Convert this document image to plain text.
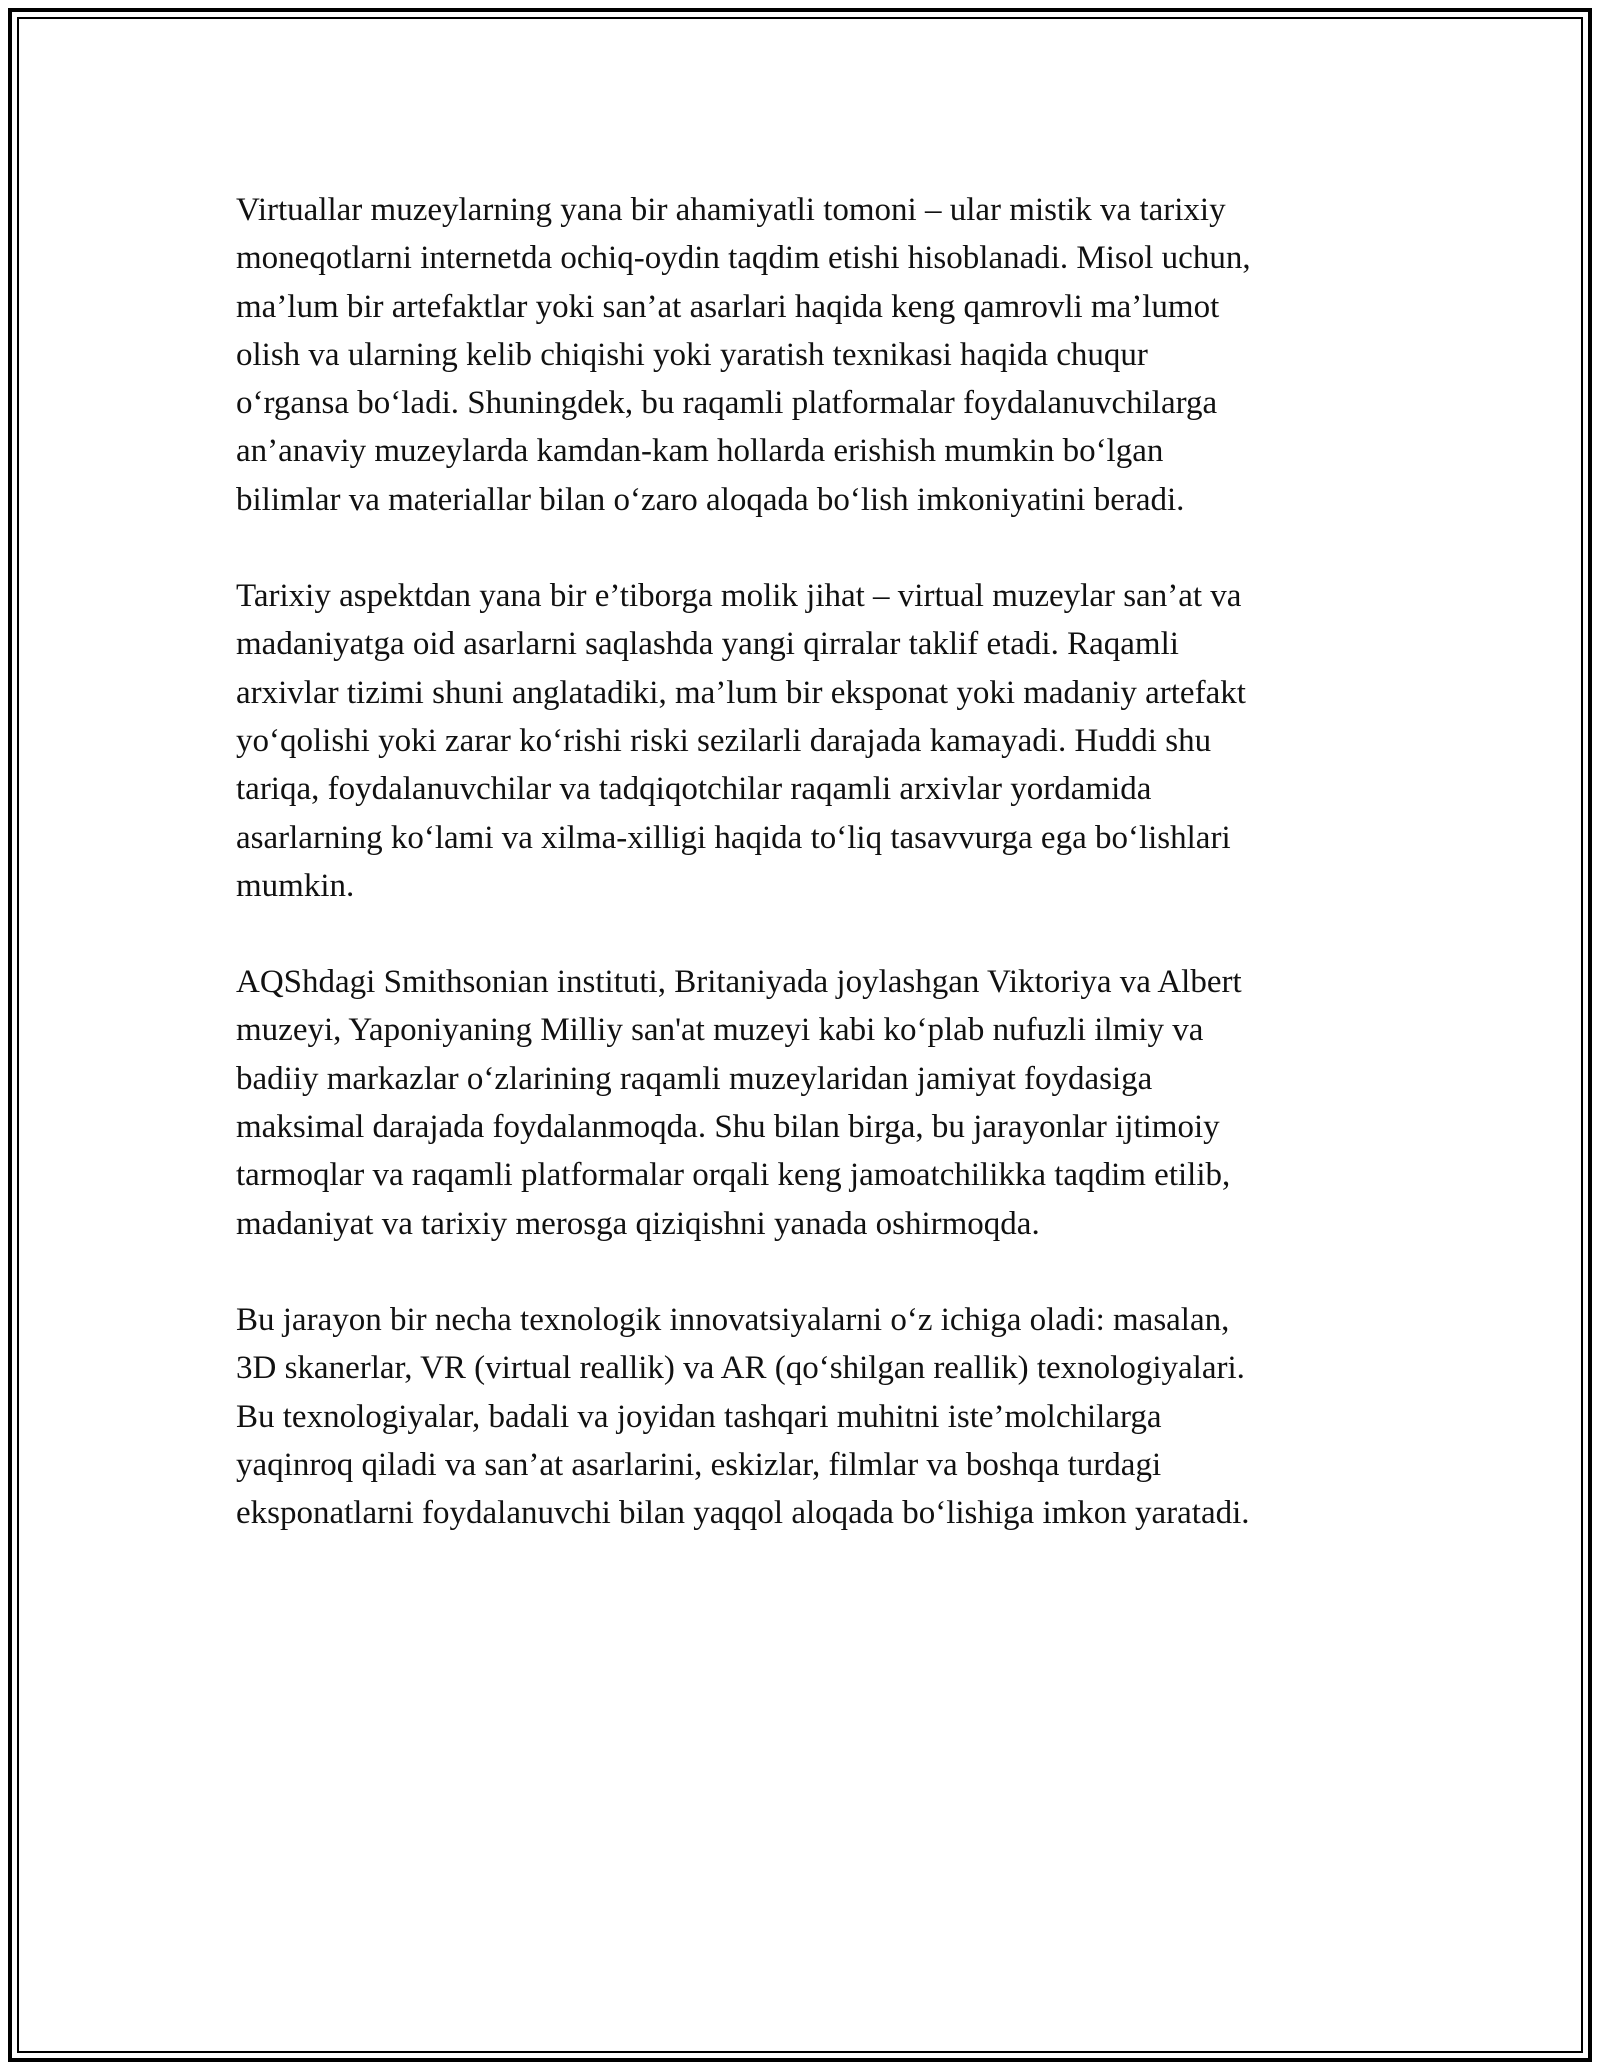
Virtuallar muzeylarning yana bir ahamiyatli tomoni – ular mistik va tarixiy
moneqotlarni internetda ochiq-oydin taqdim etishi hisoblanadi. Misol uchun,
ma’lum bir artefaktlar yoki san’at asarlari haqida keng qamrovli ma’lumot
olish va ularning kelib chiqishi yoki yaratish texnikasi haqida chuqur
o‘rgansa bo‘ladi. Shuningdek, bu raqamli platformalar foydalanuvchilarga
an’anaviy muzeylarda kamdan-kam hollarda erishish mumkin bo‘lgan
bilimlar va materiallar bilan o‘zaro aloqada bo‘lish imkoniyatini beradi.

Tarixiy aspektdan yana bir e’tiborga molik jihat – virtual muzeylar san’at va
madaniyatga oid asarlarni saqlashda yangi qirralar taklif etadi. Raqamli
arxivlar tizimi shuni anglatadiki, ma’lum bir eksponat yoki madaniy artefakt
yo‘qolishi yoki zarar ko‘rishi riski sezilarli darajada kamayadi. Huddi shu
tariqa, foydalanuvchilar va tadqiqotchilar raqamli arxivlar yordamida
asarlarning ko‘lami va xilma-xilligi haqida to‘liq tasavvurga ega bo‘lishlari
mumkin.

AQShdagi Smithsonian instituti, Britaniyada joylashgan Viktoriya va Albert
muzeyi, Yaponiyaning Milliy san'at muzeyi kabi ko‘plab nufuzli ilmiy va
badiiy markazlar o‘zlarining raqamli muzeylaridan jamiyat foydasiga
maksimal darajada foydalanmoqda. Shu bilan birga, bu jarayonlar ijtimoiy
tarmoqlar va raqamli platformalar orqali keng jamoatchilikka taqdim etilib,
madaniyat va tarixiy merosga qiziqishni yanada oshirmoqda.

Bu jarayon bir necha texnologik innovatsiyalarni o‘z ichiga oladi: masalan,
3D skanerlar, VR (virtual reallik) va AR (qo‘shilgan reallik) texnologiyalari.
Bu texnologiyalar, badali va joyidan tashqari muhitni iste’molchilarga
yaqinroq qiladi va san’at asarlarini, eskizlar, filmlar va boshqa turdagi
eksponatlarni foydalanuvchi bilan yaqqol aloqada bo‘lishiga imkon yaratadi.
